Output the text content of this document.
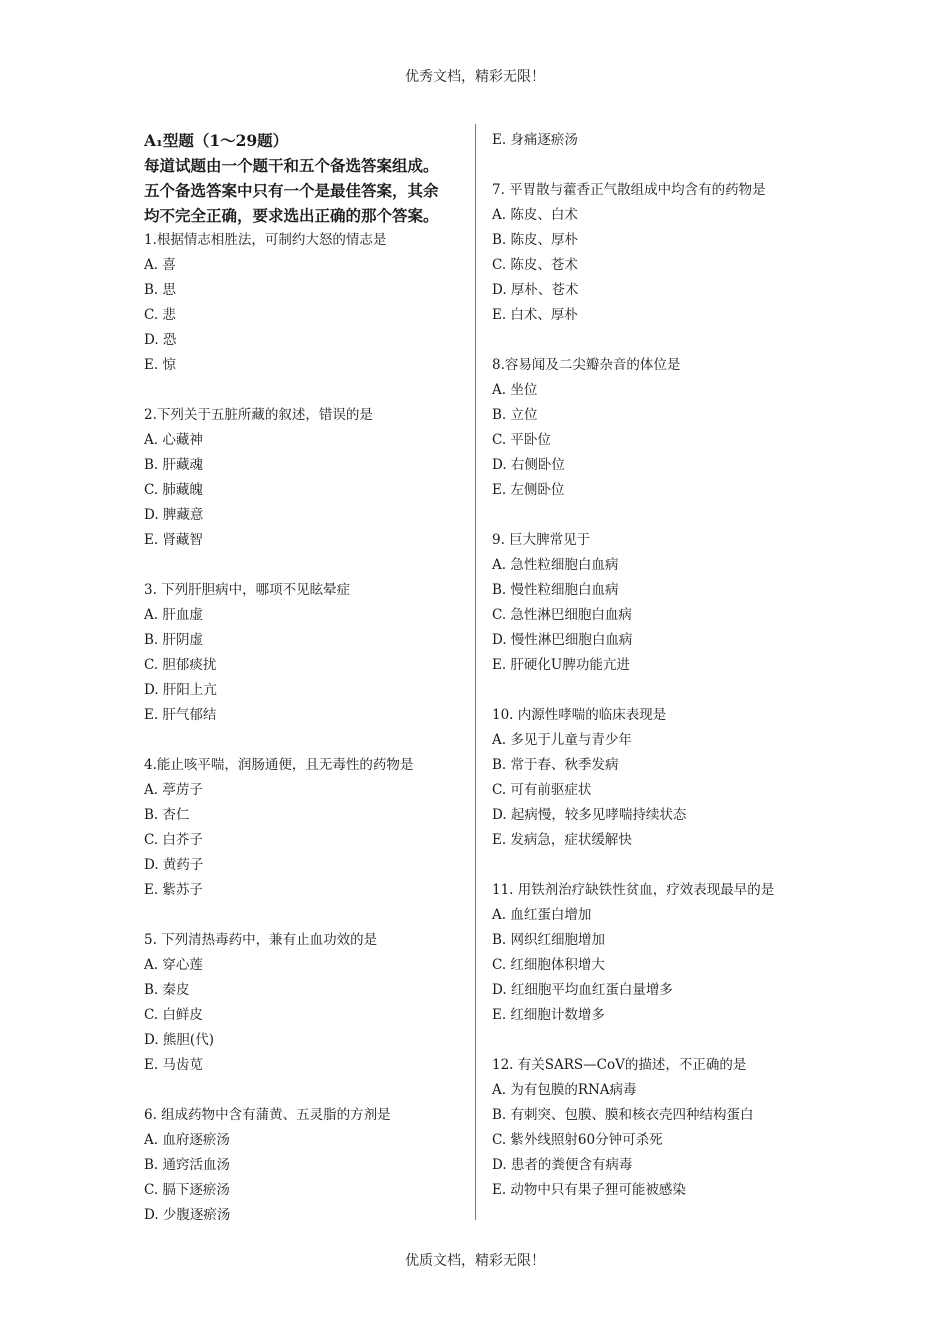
优秀文档，精彩无限！
A₁型题（1～29题）
每道试题由一个题干和五个备选答案组成。
五个备选答案中只有一个是最佳答案，其余
均不完全正确，要求选出正确的那个答案。
1.根据情志相胜法，可制约大怒的情志是
A. 喜
B. 思
C. 悲
D. 恐
E. 惊
2.下列关于五脏所藏的叙述，错误的是
A. 心藏神
B. 肝藏魂
C. 肺藏魄
D. 脾藏意
E. 肾藏智
3. 下列肝胆病中，哪项不见眩晕症
A. 肝血虚
B. 肝阴虚
C. 胆郁痰扰
D. 肝阳上亢
E. 肝气郁结
4.能止咳平喘，润肠通便，且无毒性的药物是
A. 葶苈子
B. 杏仁
C. 白芥子
D. 黄药子
E. 紫苏子
5. 下列清热毒药中，兼有止血功效的是
A. 穿心莲
B. 秦皮
C. 白鲜皮
D. 熊胆(代)
E. 马齿苋
6. 组成药物中含有蒲黄、五灵脂的方剂是
A. 血府逐瘀汤
B. 通窍活血汤
C. 膈下逐瘀汤
D. 少腹逐瘀汤
E. 身痛逐瘀汤
7. 平胃散与藿香正气散组成中均含有的药物是
A. 陈皮、白术
B. 陈皮、厚朴
C. 陈皮、苍术
D. 厚朴、苍术
E. 白术、厚朴
8.容易闻及二尖瓣杂音的体位是
A. 坐位
B. 立位
C. 平卧位
D. 右侧卧位
E. 左侧卧位
9. 巨大脾常见于
A. 急性粒细胞白血病
B. 慢性粒细胞白血病
C. 急性淋巴细胞白血病
D. 慢性淋巴细胞白血病
E. 肝硬化U脾功能亢进
10. 内源性哮喘的临床表现是
A. 多见于儿童与青少年
B. 常于春、秋季发病
C. 可有前驱症状
D. 起病慢，较多见哮喘持续状态
E. 发病急，症状缓解快
11. 用铁剂治疗缺铁性贫血，疗效表现最早的是
A. 血红蛋白增加
B. 网织红细胞增加
C. 红细胞体积增大
D. 红细胞平均血红蛋白量增多
E. 红细胞计数增多
12. 有关SARS—CoV的描述，不正确的是
A. 为有包膜的RNA病毒
B. 有刺突、包膜、膜和核衣壳四种结构蛋白
C. 紫外线照射60分钟可杀死
D. 患者的粪便含有病毒
E. 动物中只有果子狸可能被感染
优质文档，精彩无限！
